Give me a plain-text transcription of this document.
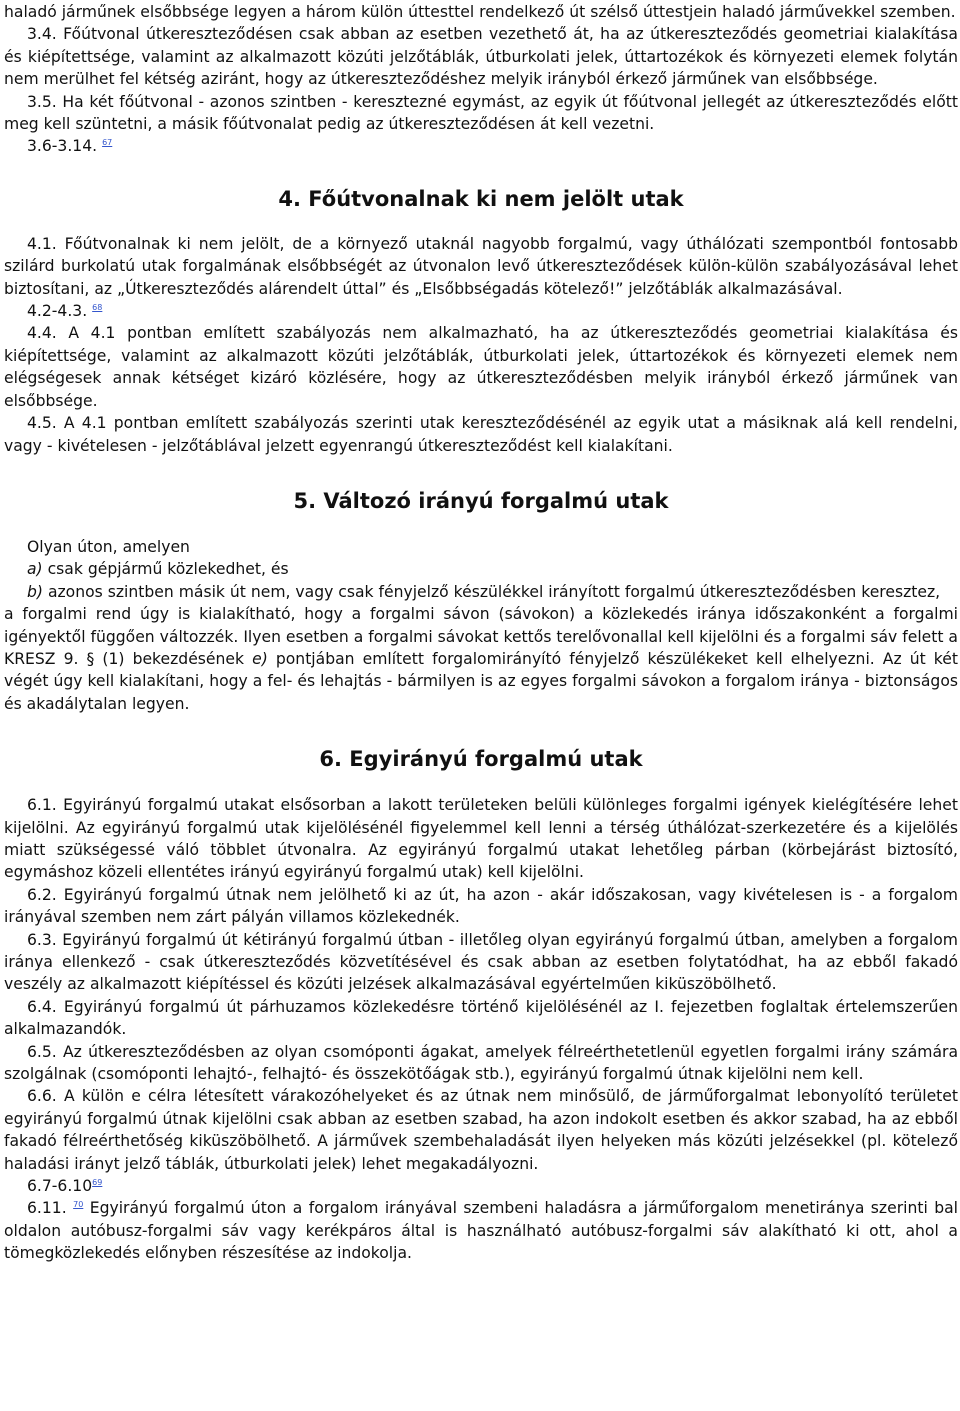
haladó járműnek elsőbbsége legyen a három külön úttesttel rendelkező út szélső úttestjein haladó járművekkel szemben.

3.4. Főútvonal útkereszteződésen csak abban az esetben vezethető át, ha az útkereszteződés geometriai kialakítása és kiépítettsége, valamint az alkalmazott közúti jelzőtáblák, útburkolati jelek, úttartozékok és környezeti elemek folytán nem merülhet fel kétség aziránt, hogy az útkereszteződéshez melyik irányból érkező járműnek van elsőbbsége.

3.5. Ha két főútvonal - azonos szintben - keresztezné egymást, az egyik út főútvonal jellegét az útkereszteződés előtt meg kell szüntetni, a másik főútvonalat pedig az útkereszteződésen át kell vezetni.

3.6-3.14. $^{67}$

4. Főútvonalnak ki nem jelölt utak

4.1. Főútvonalnak ki nem jelölt, de a környező utaknál nagyobb forgalmú, vagy úthálózati szempontból fontosabb szilárd burkolatú utak forgalmának elsőbbségét az útvonalon levő útkereszteződések külön-külön szabályozásával lehet biztosítani, az „Útkereszteződés alárendelt úttal” és „Elsőbbségadás kötelező!” jelzőtáblák alkalmazásával.

4.2-4.3. $^{68}$

4.4. A 4.1 pontban említett szabályozás nem alkalmazható, ha az útkereszteződés geometriai kialakítása és kiépítettsége, valamint az alkalmazott közúti jelzőtáblák, útburkolati jelek, úttartozékok és környezeti elemek nem elégségesek annak kétséget kizáró közlésére, hogy az útkereszteződésben melyik irányból érkező járműnek van elsőbbsége.

4.5. A 4.1 pontban említett szabályozás szerinti utak kereszteződésénél az egyik utat a másiknak alá kell rendelni, vagy - kivételesen - jelzőtáblával jelzett egyenrangú útkereszteződést kell kialakítani.

5. Változó irányú forgalmú utak

Olyan úton, amelyen

a) csak gépjármű közlekedhet, és

b) azonos szintben másik út nem, vagy csak fényjelző készülékkel irányított forgalmú útkereszteződésben keresztez,

a forgalmi rend úgy is kialakítható, hogy a forgalmi sávon (sávokon) a közlekedés iránya időszakonként a forgalmi igényektől függően változzék. Ilyen esetben a forgalmi sávokat kettős terelővonallal kell kijelölni és a forgalmi sáv felett a KRESZ 9. § (1) bekezdésének e) pontjában említett forgalomirányító fényjelző készülékeket kell elhelyezni. Az út két végét úgy kell kialakítani, hogy a fel- és lehajtás - bármilyen is az egyes forgalmi sávokon a forgalom iránya - biztonságos és akadálytalan legyen.

6. Egyirányú forgalmú utak

6.1. Egyirányú forgalmú utakat elsősorban a lakott területeken belüli különleges forgalmi igények kielégítésére lehet kijelölni. Az egyirányú forgalmú utak kijelölésénél figyelemmel kell lenni a térség úthálózat-szerkezetére és a kijelölés miatt szükségessé váló többlet útvonalra. Az egyirányú forgalmú utakat lehetőleg párban (körbejárást biztosító, egymáshoz közeli ellentétes irányú egyirányú forgalmú utak) kell kijelölni.

6.2. Egyirányú forgalmú útnak nem jelölhető ki az út, ha azon - akár időszakosan, vagy kivételesen is - a forgalom irányával szemben nem zárt pályán villamos közlekednék.

6.3. Egyirányú forgalmú út kétirányú forgalmú útban - illetőleg olyan egyirányú forgalmú útban, amelyben a forgalom iránya ellenkező - csak útkereszteződés közvetítésével és csak abban az esetben folytatódhat, ha az ebből fakadó veszély az alkalmazott kiépítéssel és közúti jelzések alkalmazásával egyértelműen kiküszöbölhető.

6.4. Egyirányú forgalmú út párhuzamos közlekedésre történő kijelölésénél az I. fejezetben foglaltak értelemszerűen alkalmazandók.

6.5. Az útkereszteződésben az olyan csomóponti ágakat, amelyek félreérthetetlenül egyetlen forgalmi irány számára szolgálnak (csomóponti lehajtó-, felhajtó- és összekötőágak stb.), egyirányú forgalmú útnak kijelölni nem kell.

6.6. A külön e célra létesített várakozóhelyeket és az útnak nem minősülő, de járműforgalmat lebonyolító területet egyirányú forgalmú útnak kijelölni csak abban az esetben szabad, ha azon indokolt esetben és akkor szabad, ha az ebből fakadó félreérthetőség kiküszöbölhető. A járművek szembehaladását ilyen helyeken más közúti jelzésekkel (pl. kötelező haladási irányt jelző táblák, útburkolati jelek) lehet megakadályozni.

6.7-6.10$^{69}$

6.11. $^{70}$ Egyirányú forgalmú úton a forgalom irányával szembeni haladásra a járműforgalom menetiránya szerinti bal oldalon autóbusz-forgalmi sáv vagy kerékpáros által is használható autóbusz-forgalmi sáv alakítható ki ott, ahol a tömegközlekedés előnyben részesítése az indokolja.
